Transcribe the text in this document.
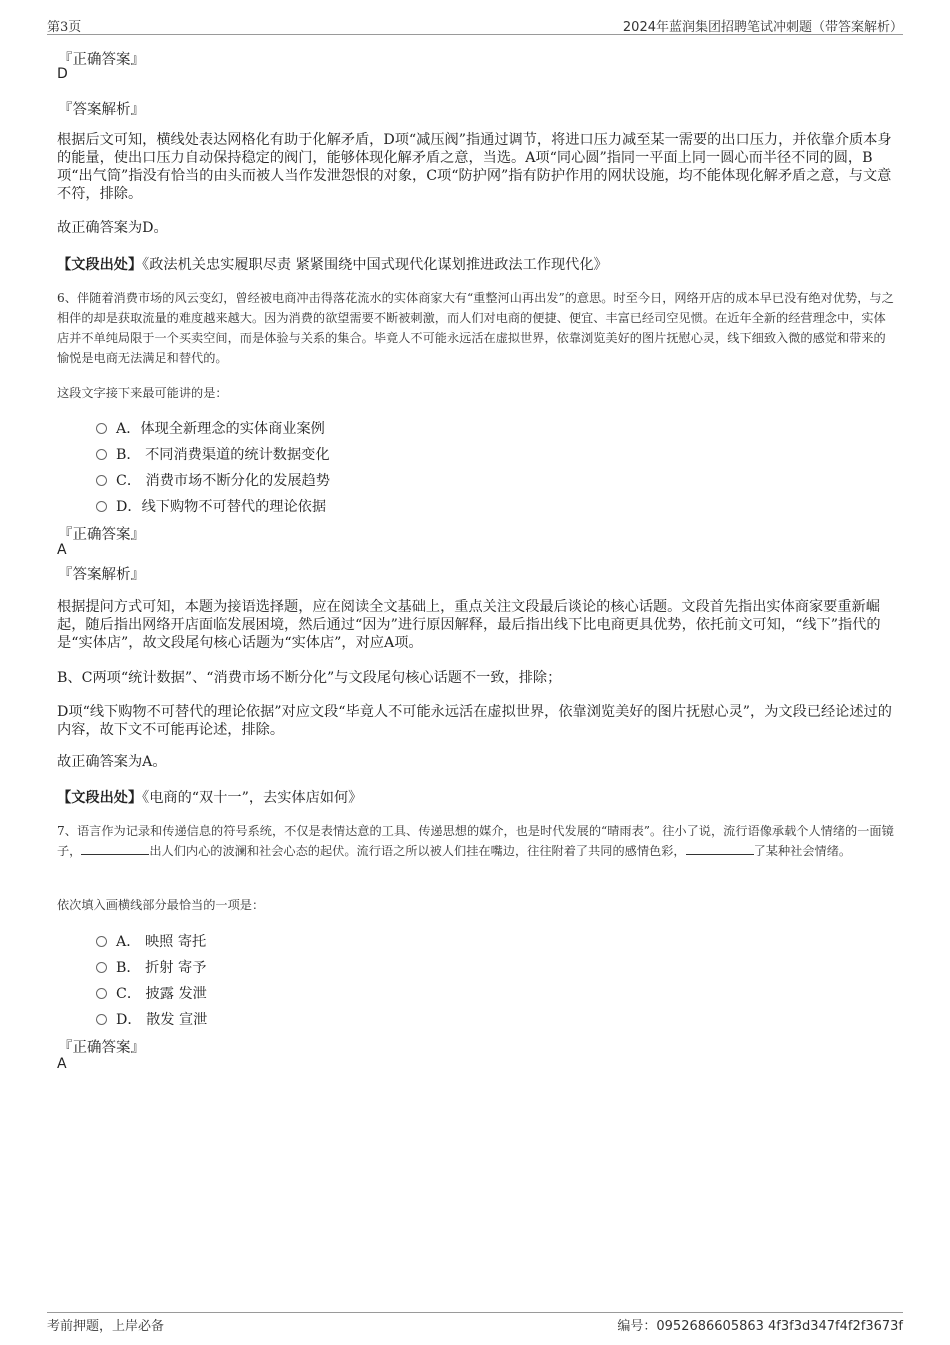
第3页	2024年蓝润集团招聘笔试冲刺题（带答案解析）
『正确答案』
D
『答案解析』
根据后文可知，横线处表达网格化有助于化解矛盾，D项“减压阀”指通过调节，将进口压力减至某一需要的出口压力，并依靠介质本身的能量，使出口压力自动保持稳定的阀门，能够体现化解矛盾之意，当选。A项“同心圆”指同一平面上同一圆心而半径不同的圆，B项“出气筒”指没有恰当的由头而被人当作发泄怨恨的对象，C项“防护网”指有防护作用的网状设施，均不能体现化解矛盾之意，与文意不符，排除。
故正确答案为D。
【文段出处】《政法机关忠实履职尽责 紧紧围绕中国式现代化谋划推进政法工作现代化》
6、伴随着消费市场的风云变幻，曾经被电商冲击得落花流水的实体商家大有“重整河山再出发”的意思。时至今日，网络开店的成本早已没有绝对优势，与之相伴的却是获取流量的难度越来越大。因为消费的欲望需要不断被刺激，而人们对电商的便捷、便宜、丰富已经司空见惯。在近年全新的经营理念中，实体店并不单纯局限于一个买卖空间，而是体验与关系的集合。毕竟人不可能永远活在虚拟世界，依靠浏览美好的图片抚慰心灵，线下细致入微的感觉和带来的愉悦是电商无法满足和替代的。
这段文字接下来最可能讲的是：
A．体现全新理念的实体商业案例
B． 不同消费渠道的统计数据变化
C． 消费市场不断分化的发展趋势
D．线下购物不可替代的理论依据
『正确答案』
A
『答案解析』
根据提问方式可知，本题为接语选择题，应在阅读全文基础上，重点关注文段最后谈论的核心话题。文段首先指出实体商家要重新崛起，随后指出网络开店面临发展困境，然后通过“因为”进行原因解释，最后指出线下比电商更具优势，依托前文可知，“线下”指代的是“实体店”，故文段尾句核心话题为“实体店”，对应A项。
B、C两项“统计数据”、“消费市场不断分化”与文段尾句核心话题不一致，排除；
D项“线下购物不可替代的理论依据”对应文段“毕竟人不可能永远活在虚拟世界，依靠浏览美好的图片抚慰心灵”，为文段已经论述过的内容，故下文不可能再论述，排除。
故正确答案为A。
【文段出处】《电商的“双十一”，去实体店如何》
7、语言作为记录和传递信息的符号系统，不仅是表情达意的工具、传递思想的媒介，也是时代发展的“晴雨表”。往小了说，流行语像承载个人情绪的一面镜子，	出人们内心的波澜和社会心态的起伏。流行语之所以被人们挂在嘴边，往往附着了共同的感情色彩，	了某种社会情绪。
依次填入画横线部分最恰当的一项是：
A． 映照 寄托
B． 折射 寄予
C． 披露 发泄
D． 散发 宣泄
『正确答案』
A
考前押题，上岸必备	编号：0952686605863 4f3f3d347f4f2f3673f
